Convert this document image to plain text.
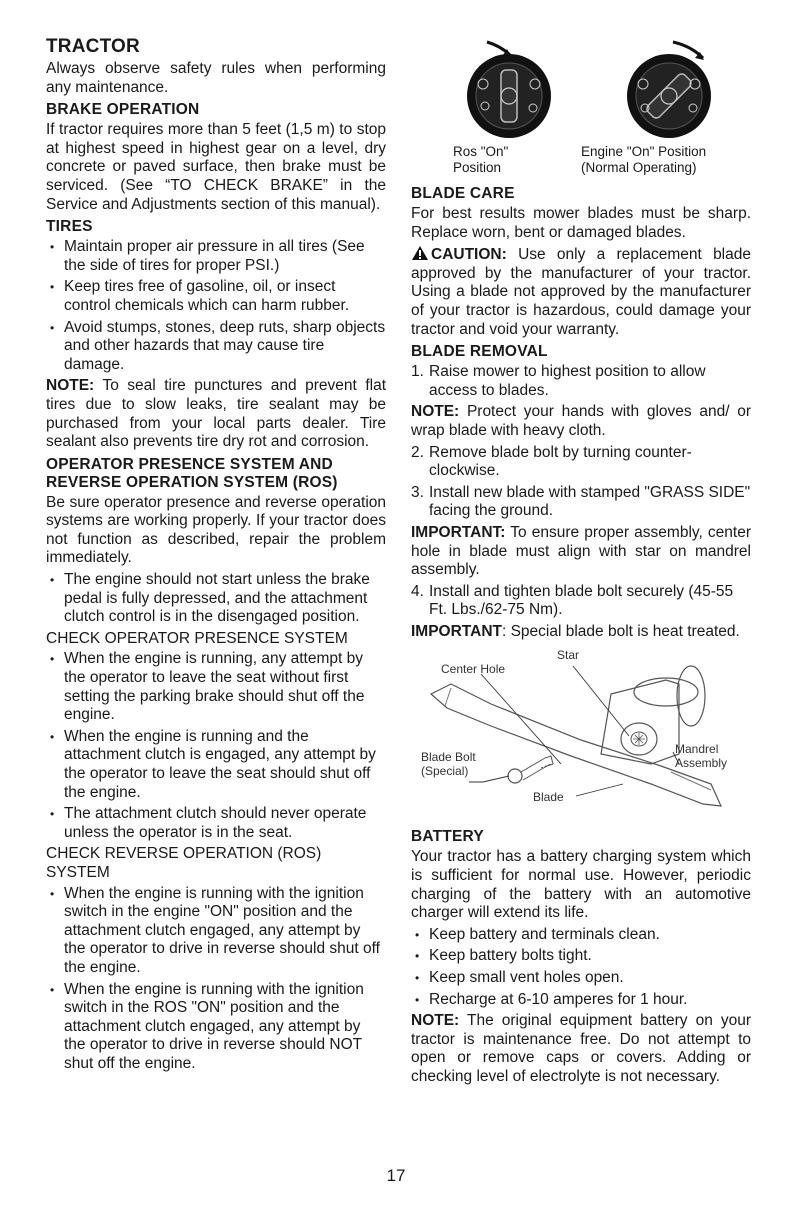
TRACTOR

Always observe safety rules when performing any maintenance.

BRAKE OPERATION

If tractor requires more than 5 feet (1,5 m) to stop at highest speed in highest gear on a level, dry concrete or paved surface, then brake must be serviced. (See “TO CHECK BRAKE” in the Service and Adjustments section of this manual).

TIRES
• Maintain proper air pressure in all tires (See the side of tires for proper PSI.)
• Keep tires free of gasoline, oil, or insect control chemicals which can harm rubber.
• Avoid stumps, stones, deep ruts, sharp objects and other hazards that may cause tire damage.

NOTE: To seal tire punctures and prevent flat tires due to slow leaks, tire sealant may be purchased from your local parts dealer. Tire sealant also prevents tire dry rot and corrosion.

OPERATOR PRESENCE SYSTEM AND REVERSE OPERATION SYSTEM (ROS)

Be sure operator presence and reverse operation systems are working properly. If your tractor does not function as described, repair the problem immediately.

• The engine should not start unless the brake pedal is fully depressed, and the attachment clutch control is in the disengaged position.
CHECK OPERATOR PRESENCE SYSTEM
• When the engine is running, any attempt by the operator to leave the seat without first setting the parking brake should shut off the engine.
• When the engine is running and the attachment clutch is engaged, any attempt by the operator to leave the seat should shut off the engine.
• The attachment clutch should never operate unless the operator is in the seat.
CHECK REVERSE OPERATION (ROS) SYSTEM
• When the engine is running with the ignition switch in the engine "ON" position and the attachment clutch engaged, any attempt by the operator to drive in reverse should shut off the engine.
• When the engine is running with the ignition switch in the ROS "ON" position and the attachment clutch engaged, any attempt by the operator to drive in reverse should NOT shut off the engine.
Ros "On"
Position
Engine "On" Position
(Normal Operating)
BLADE CARE

For best results mower blades must be sharp. Replace worn, bent or damaged blades.

CAUTION: Use only a replacement blade approved by the manufacturer of your tractor. Using a blade not approved by the manufacturer of your tractor is hazardous, could damage your tractor and void your warranty.

BLADE REMOVAL
1. Raise mower to highest position to allow access to blades.

NOTE: Protect your hands with gloves and/ or wrap blade with heavy cloth.

2. Remove blade bolt by turning counter-clockwise.
3. Install new blade with stamped "GRASS SIDE" facing the ground.

IMPORTANT: To ensure proper assembly, center hole in blade must align with star on mandrel assembly.

4. Install and tighten blade bolt securely (45-55 Ft. Lbs./62-75 Nm).

IMPORTANT: Special blade bolt is heat treated.

Star
Center Hole
Blade Bolt
(Special)
Mandrel
Assembly
Blade
BATTERY

Your tractor has a battery charging system which is sufficient for normal use. However, periodic charging of the battery with an automotive charger will extend its life.

• Keep battery and terminals clean.
• Keep battery bolts tight.
• Keep small vent holes open.
• Recharge at 6-10 amperes for 1 hour.

NOTE: The original equipment battery on your tractor is maintenance free. Do not attempt to open or remove caps or covers. Adding or checking level of electrolyte is not necessary.

17
